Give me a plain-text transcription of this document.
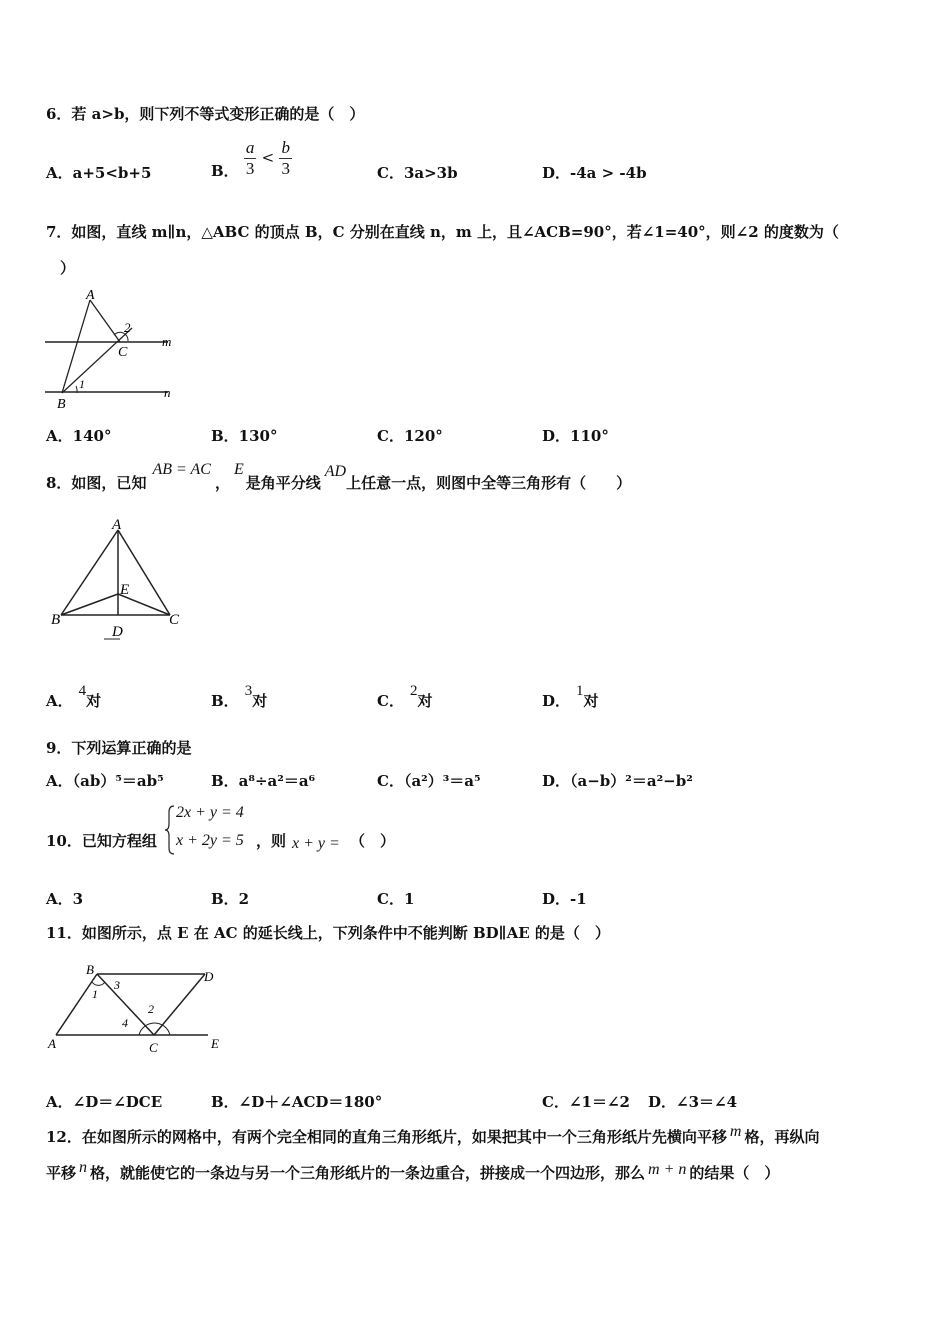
6．若 a>b，则下列不等式变形正确的是（　）
A．a+5<b+5	B． $\frac{a}{3} < \frac{b}{3}$	C．3a>3b	D．-4a > -4b
7．如图，直线 m∥n，△ABC 的顶点 B，C 分别在直线 n，m 上，且∠ACB=90°，若∠1=40°，则∠2 的度数为（
）
A
B
C
m
n
1
2
A．140°	B．130°	C．120°	D．110°
8．如图，已知AB = AC，E是角平分线AD上任意一点，则图中全等三角形有（　　）
A
B	C
D
E
A．4对	B．3对	C．2对	D．1对
9．下列运算正确的是
A．（ab）⁵＝ab⁵	B．a⁸÷a²＝a⁶	C．（a²）³＝a⁵	D．（a−b）²＝a²−b²
10．已知方程组
2x + y = 4
x + 2y = 5 ，则 x + y = （　）
A．3	B．2	C．1	D．-1
11．如图所示，点 E 在 AC 的延长线上，下列条件中不能判断 BD∥AE 的是（　）
B	D
A	C	E
1
3
4
2
A．∠D＝∠DCE	B．∠D＋∠ACD＝180°	C．∠1＝∠2 D．∠3＝∠4
12．在如图所示的网格中，有两个完全相同的直角三角形纸片，如果把其中一个三角形纸片先横向平移 m 格，再纵向
平移 n 格，就能使它的一条边与另一个三角形纸片的一条边重合，拼接成一个四边形，那么 m + n 的结果（　）
